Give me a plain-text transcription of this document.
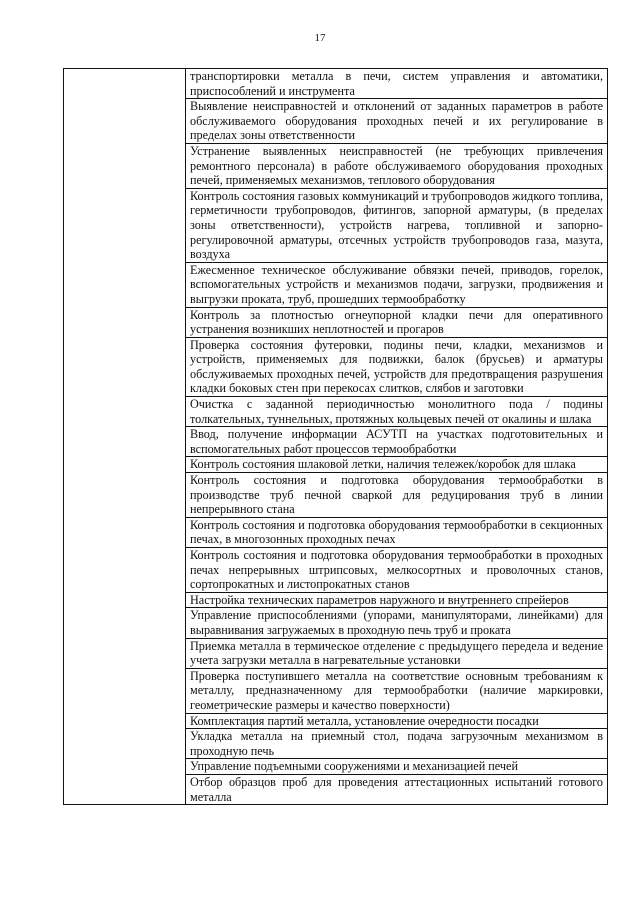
17
	транспортировки металла в печи, систем управления и автоматики, приспособлений и инструмента
Выявление неисправностей и отклонений от заданных параметров в работе обслуживаемого оборудования проходных печей и их регулирование в пределах зоны ответственности
Устранение выявленных неисправностей (не требующих привлечения ремонтного персонала) в работе обслуживаемого оборудования проходных печей, применяемых механизмов, теплового оборудования
Контроль состояния газовых коммуникаций и трубопроводов жидкого топлива, герметичности трубопроводов, фитингов, запорной арматуры, (в пределах зоны ответственности), устройств нагрева, топливной и запорно-регулировочной арматуры, отсечных устройств трубопроводов газа, мазута, воздуха
Ежесменное техническое обслуживание обвязки печей, приводов, горелок, вспомогательных устройств и механизмов подачи, загрузки, продвижения и выгрузки проката, труб, прошедших термообработку
Контроль за плотностью огнеупорной кладки печи для оперативного устранения возникших неплотностей и прогаров
Проверка состояния футеровки, подины печи, кладки, механизмов и устройств, применяемых для подвижки, балок (брусьев) и арматуры обслуживаемых проходных печей, устройств для предотвращения разрушения кладки боковых стен при перекосах слитков, слябов и заготовки
Очистка с заданной периодичностью монолитного пода / подины толкательных, туннельных, протяжных кольцевых печей от окалины и шлака
Ввод, получение информации АСУТП на участках подготовительных и вспомогательных работ процессов термообработки
Контроль состояния шлаковой летки, наличия тележек/коробок для шлака
Контроль состояния и подготовка оборудования термообработки в производстве труб печной сваркой для редуцирования труб в линии непрерывного стана
Контроль состояния и подготовка оборудования термообработки в секционных печах, в многозонных проходных печах
Контроль состояния и подготовка оборудования термообработки в проходных печах непрерывных штрипсовых, мелкосортных и проволочных станов, сортопрокатных и листопрокатных станов
Настройка технических параметров наружного и внутреннего спрейеров
Управление приспособлениями (упорами, манипуляторами, линейками) для выравнивания загружаемых в проходную печь труб и проката
Приемка металла в термическое отделение с предыдущего передела и ведение учета загрузки металла в нагревательные установки
Проверка поступившего металла на соответствие основным требованиям к металлу, предназначенному для термообработки (наличие маркировки, геометрические размеры и качество поверхности)
Комплектация партий металла, установление очередности посадки
Укладка металла на приемный стол, подача загрузочным механизмом в проходную печь
Управление подъемными сооружениями и механизацией печей
Отбор образцов проб для проведения аттестационных испытаний готового металла
